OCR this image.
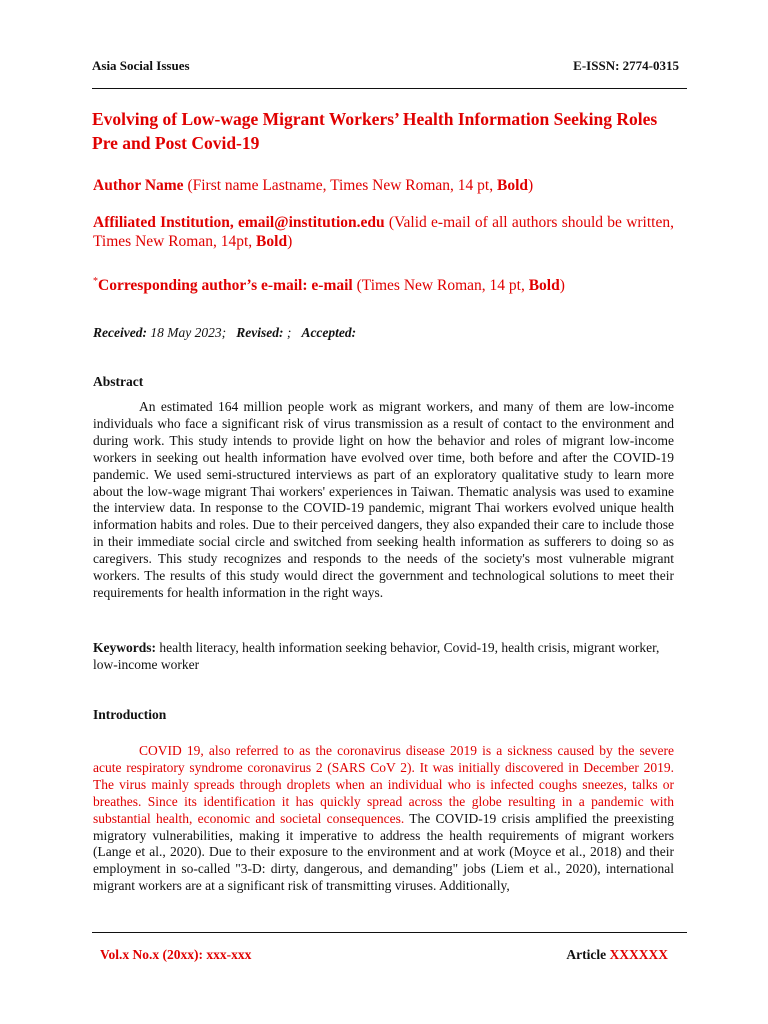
Asia Social Issues	E-ISSN: 2774-0315
Evolving of Low-wage Migrant Workers’ Health Information Seeking Roles Pre and Post Covid-19
Author Name (First name Lastname, Times New Roman, 14 pt, Bold)
Affiliated Institution, email@institution.edu (Valid e-mail of all authors should be written, Times New Roman, 14pt, Bold)
*Corresponding author’s e-mail: e-mail (Times New Roman, 14 pt, Bold)
Received: 18 May 2023; Revised: ; Accepted:
Abstract
An estimated 164 million people work as migrant workers, and many of them are low-income individuals who face a significant risk of virus transmission as a result of contact to the environment and during work. This study intends to provide light on how the behavior and roles of migrant low-income workers in seeking out health information have evolved over time, both before and after the COVID-19 pandemic. We used semi-structured interviews as part of an exploratory qualitative study to learn more about the low-wage migrant Thai workers' experiences in Taiwan. Thematic analysis was used to examine the interview data. In response to the COVID-19 pandemic, migrant Thai workers evolved unique health information habits and roles. Due to their perceived dangers, they also expanded their care to include those in their immediate social circle and switched from seeking health information as sufferers to doing so as caregivers. This study recognizes and responds to the needs of the society's most vulnerable migrant workers. The results of this study would direct the government and technological solutions to meet their requirements for health information in the right ways.
Keywords: health literacy, health information seeking behavior, Covid-19, health crisis, migrant worker, low-income worker
Introduction
COVID 19, also referred to as the coronavirus disease 2019 is a sickness caused by the severe acute respiratory syndrome coronavirus 2 (SARS CoV 2). It was initially discovered in December 2019. The virus mainly spreads through droplets when an individual who is infected coughs sneezes, talks or breathes. Since its identification it has quickly spread across the globe resulting in a pandemic with substantial health, economic and societal consequences. The COVID-19 crisis amplified the preexisting migratory vulnerabilities, making it imperative to address the health requirements of migrant workers (Lange et al., 2020). Due to their exposure to the environment and at work (Moyce et al., 2018) and their employment in so-called "3-D: dirty, dangerous, and demanding" jobs (Liem et al., 2020), international migrant workers are at a significant risk of transmitting viruses. Additionally,
Vol.x No.x (20xx): xxx-xxx	Article XXXXXX
